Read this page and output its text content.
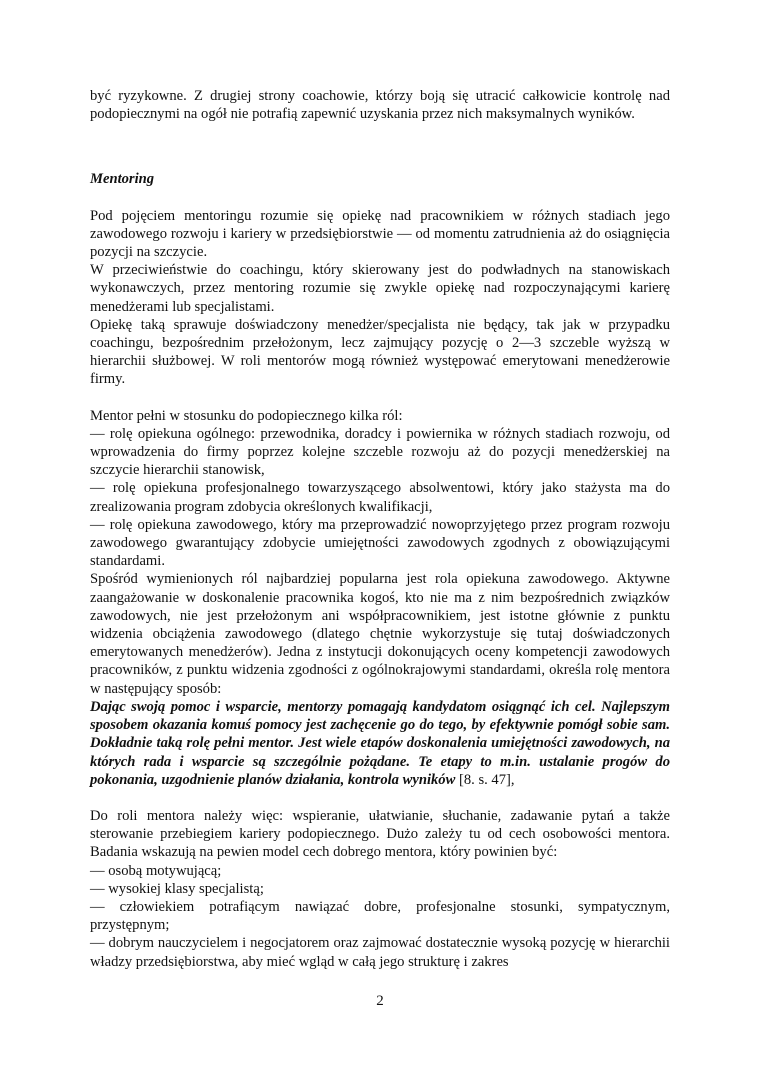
być ryzykowne. Z drugiej strony coachowie, którzy boją się utracić całkowicie kontrolę nad podopiecznymi na ogół nie potrafią zapewnić uzyskania przez nich maksymalnych wyników.

Mentoring

Pod pojęciem mentoringu rozumie się opiekę nad pracownikiem w różnych stadiach jego zawodowego rozwoju i kariery w przedsiębiorstwie — od momentu zatrudnienia aż do osiągnięcia pozycji na szczycie.

W przeciwieństwie do coachingu, który skierowany jest do podwładnych na stanowiskach wykonawczych, przez mentoring rozumie się zwykle opiekę nad rozpoczynającymi karierę menedżerami lub specjalistami.

Opiekę taką sprawuje doświadczony menedżer/specjalista nie będący, tak jak w przypadku coachingu, bezpośrednim przełożonym, lecz zajmujący pozycję o 2—3 szczeble wyższą w hierarchii służbowej. W roli mentorów mogą również występować emerytowani menedżerowie firmy.

Mentor pełni w stosunku do podopiecznego kilka ról:

— rolę opiekuna ogólnego: przewodnika, doradcy i powiernika w różnych stadiach rozwoju, od wprowadzenia do firmy poprzez kolejne szczeble rozwoju aż do pozycji menedżerskiej na szczycie hierarchii stanowisk,

— rolę opiekuna profesjonalnego towarzyszącego absolwentowi, który jako stażysta ma do zrealizowania program zdobycia określonych kwalifikacji,

— rolę opiekuna zawodowego, który ma przeprowadzić nowoprzyjętego przez program rozwoju zawodowego gwarantujący zdobycie umiejętności zawodowych zgodnych z obowiązującymi standardami.

Spośród wymienionych ról najbardziej popularna jest rola opiekuna zawodowego. Aktywne zaangażowanie w doskonalenie pracownika kogoś, kto nie ma z nim bezpośrednich związków zawodowych, nie jest przełożonym ani współpracownikiem, jest istotne głównie z punktu widzenia obciążenia zawodowego (dlatego chętnie wykorzystuje się tutaj doświadczonych emerytowanych menedżerów). Jedna z instytucji dokonujących oceny kompetencji zawodowych pracowników, z punktu widzenia zgodności z ogólnokrajowymi standardami, określa rolę mentora w następujący sposób:

Dając swoją pomoc i wsparcie, mentorzy pomagają kandydatom osiągnąć ich cel. Najlepszym sposobem okazania komuś pomocy jest zachęcenie go do tego, by efektywnie pomógł sobie sam. Dokładnie taką rolę pełni mentor. Jest wiele etapów doskonalenia umiejętności zawodowych, na których rada i wsparcie są szczególnie pożądane. Te etapy to m.in. ustalanie progów do pokonania, uzgodnienie planów działania, kontrola wyników [8. s. 47],

Do roli mentora należy więc: wspieranie, ułatwianie, słuchanie, zadawanie pytań a także sterowanie przebiegiem kariery podopiecznego. Dużo zależy tu od cech osobowości mentora. Badania wskazują na pewien model cech dobrego mentora, który powinien być:

— osobą motywującą;

— wysokiej klasy specjalistą;

— człowiekiem potrafiącym nawiązać dobre, profesjonalne stosunki, sympatycznym, przystępnym;

— dobrym nauczycielem i negocjatorem oraz zajmować dostatecznie wysoką pozycję w hierarchii władzy przedsiębiorstwa, aby mieć wgląd w całą jego strukturę i zakres

2
